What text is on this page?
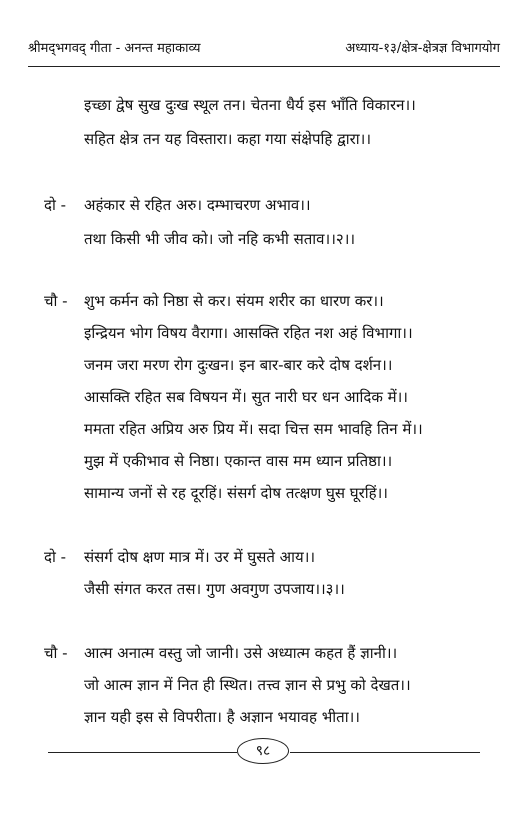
श्रीमद्‌भगवद् गीता - अनन्त महाकाव्य	अध्याय-१३/क्षेत्र-क्षेत्रज्ञ विभागयोग
इच्छा द्वेष सुख दुःख स्थूल तन। चेतना धैर्य इस भाँति विकारन।।
सहित क्षेत्र तन यह विस्तारा। कहा गया संक्षेपहि द्वारा।।
दो - अहंकार से रहित अरु। दम्भाचरण अभाव।।
तथा किसी भी जीव को। जो नहि कभी सताव।।२।।
चौ - शुभ कर्मन को निष्ठा से कर। संयम शरीर का धारण कर।।
इन्द्रियन भोग विषय वैरागा। आसक्ति रहित नश अहं विभागा।।
जनम जरा मरण रोग दुःखन। इन बार-बार करे दोष दर्शन।।
आसक्ति रहित सब विषयन में। सुत नारी घर धन आदिक में।।
ममता रहित अप्रिय अरु प्रिय में। सदा चित्त सम भावहि तिन में।।
मुझ में एकीभाव से निष्ठा। एकान्त वास मम ध्यान प्रतिष्ठा।।
सामान्य जनों से रह दूरहिं। संसर्ग दोष तत्क्षण घुस घूरहिं।।
दो - संसर्ग दोष क्षण मात्र में। उर में घुसते आय।।
जैसी संगत करत तस। गुण अवगुण उपजाय।।३।।
चौ - आत्म अनात्म वस्तु जो जानी। उसे अध्यात्म कहत हैं ज्ञानी।।
जो आत्म ज्ञान में नित ही स्थित। तत्त्व ज्ञान से प्रभु को देखत।।
ज्ञान यही इस से विपरीता। है अज्ञान भयावह भीता।।
९८
